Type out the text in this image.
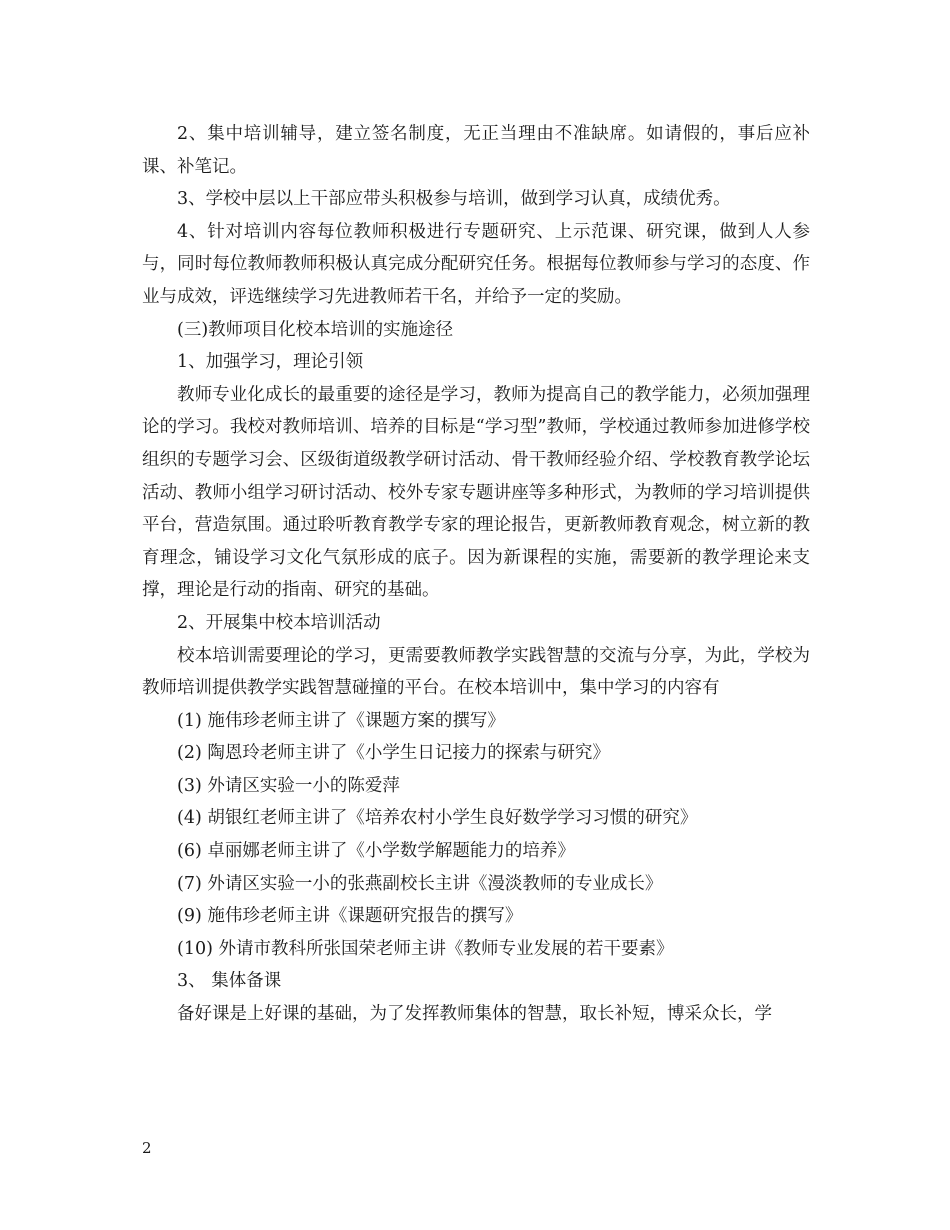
2、集中培训辅导，建立签名制度，无正当理由不准缺席。如请假的，事后应补课、补笔记。

3、学校中层以上干部应带头积极参与培训，做到学习认真，成绩优秀。

4、针对培训内容每位教师积极进行专题研究、上示范课、研究课，做到人人参与，同时每位教师教师积极认真完成分配研究任务。根据每位教师参与学习的态度、作业与成效，评选继续学习先进教师若干名，并给予一定的奖励。

(三)教师项目化校本培训的实施途径

1、加强学习，理论引领

教师专业化成长的最重要的途径是学习，教师为提高自己的教学能力，必须加强理论的学习。我校对教师培训、培养的目标是“学习型”教师，学校通过教师参加进修学校组织的专题学习会、区级街道级教学研讨活动、骨干教师经验介绍、学校教育教学论坛活动、教师小组学习研讨活动、校外专家专题讲座等多种形式，为教师的学习培训提供平台，营造氛围。通过聆听教育教学专家的理论报告，更新教师教育观念，树立新的教育理念，铺设学习文化气氛形成的底子。因为新课程的实施，需要新的教学理论来支撑，理论是行动的指南、研究的基础。

2、开展集中校本培训活动

校本培训需要理论的学习，更需要教师教学实践智慧的交流与分享，为此，学校为教师培训提供教学实践智慧碰撞的平台。在校本培训中，集中学习的内容有

(1) 施伟珍老师主讲了《课题方案的撰写》

(2) 陶恩玲老师主讲了《小学生日记接力的探索与研究》

(3) 外请区实验一小的陈爱萍

(4) 胡银红老师主讲了《培养农村小学生良好数学学习习惯的研究》

(6) 卓丽娜老师主讲了《小学数学解题能力的培养》

(7) 外请区实验一小的张燕副校长主讲《漫淡教师的专业成长》

(9) 施伟珍老师主讲《课题研究报告的撰写》

(10) 外请市教科所张国荣老师主讲《教师专业发展的若干要素》

3、 集体备课

备好课是上好课的基础，为了发挥教师集体的智慧，取长补短，博采众长，学

2
